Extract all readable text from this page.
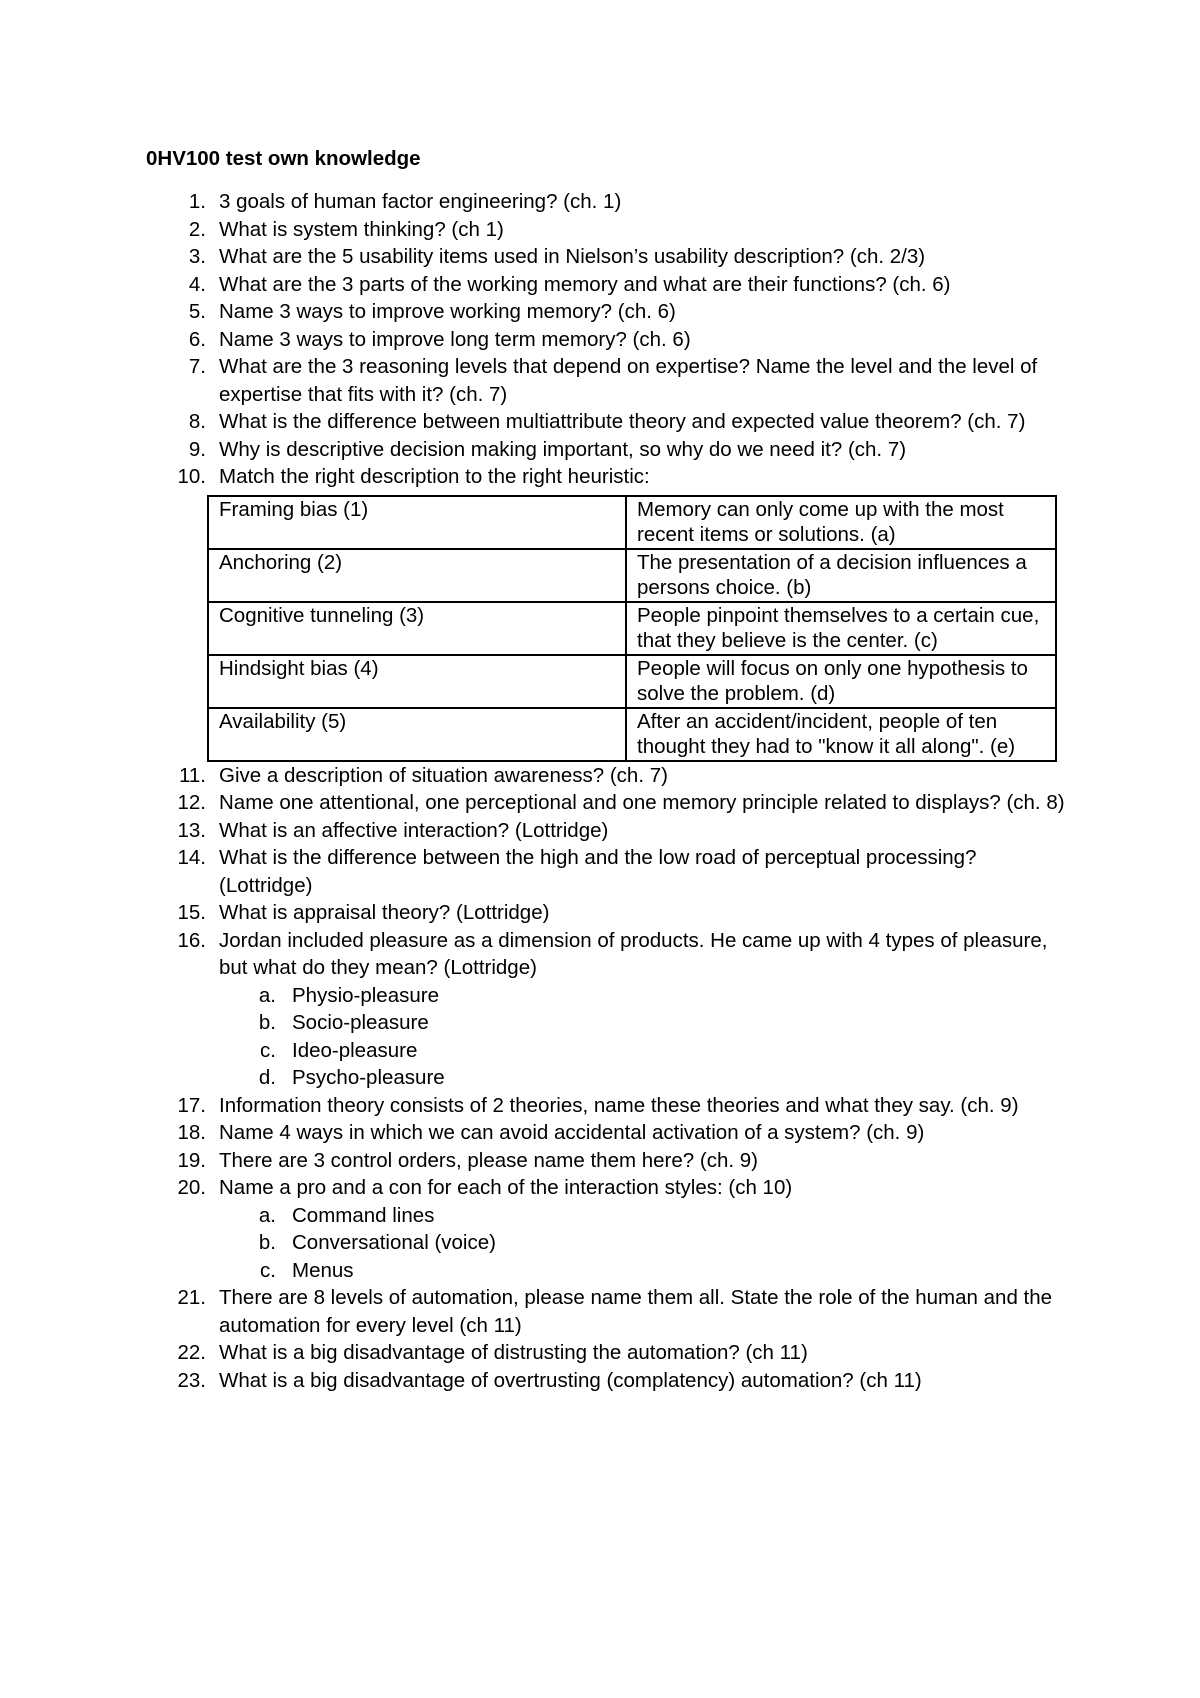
0HV100 test own knowledge
1. 3 goals of human factor engineering? (ch. 1)
2. What is system thinking? (ch 1)
3. What are the 5 usability items used in Nielson’s usability description? (ch. 2/3)
4. What are the 3 parts of the working memory and what are their functions? (ch. 6)
5. Name 3 ways to improve working memory? (ch. 6)
6. Name 3 ways to improve long term memory? (ch. 6)
7. What are the 3 reasoning levels that depend on expertise? Name the level and the level of expertise that fits with it? (ch. 7)
8. What is the difference between multiattribute theory and expected value theorem? (ch. 7)
9. Why is descriptive decision making important, so why do we need it? (ch. 7)
10. Match the right description to the right heuristic:
Framing bias (1)	Memory can only come up with the most recent items or solutions. (a)
Anchoring (2)	The presentation of a decision influences a persons choice. (b)
Cognitive tunneling (3)	People pinpoint themselves to a certain cue, that they believe is the center. (c)
Hindsight bias (4)	People will focus on only one hypothesis to solve the problem. (d)
Availability (5)	After an accident/incident, people of ten thought they had to "know it all along". (e)
11. Give a description of situation awareness? (ch. 7)
12. Name one attentional, one perceptional and one memory principle related to displays? (ch. 8)
13. What is an affective interaction? (Lottridge)
14. What is the difference between the high and the low road of perceptual processing? (Lottridge)
15. What is appraisal theory? (Lottridge)
16. Jordan included pleasure as a dimension of products. He came up with 4 types of pleasure, but what do they mean? (Lottridge)
a. Physio-pleasure
b. Socio-pleasure
c. Ideo-pleasure
d. Psycho-pleasure
17. Information theory consists of 2 theories, name these theories and what they say. (ch. 9)
18. Name 4 ways in which we can avoid accidental activation of a system? (ch. 9)
19. There are 3 control orders, please name them here? (ch. 9)
20. Name a pro and a con for each of the interaction styles: (ch 10)
a. Command lines
b. Conversational (voice)
c. Menus
21. There are 8 levels of automation, please name them all. State the role of the human and the automation for every level (ch 11)
22. What is a big disadvantage of distrusting the automation? (ch 11)
23. What is a big disadvantage of overtrusting (complatency) automation? (ch 11)
